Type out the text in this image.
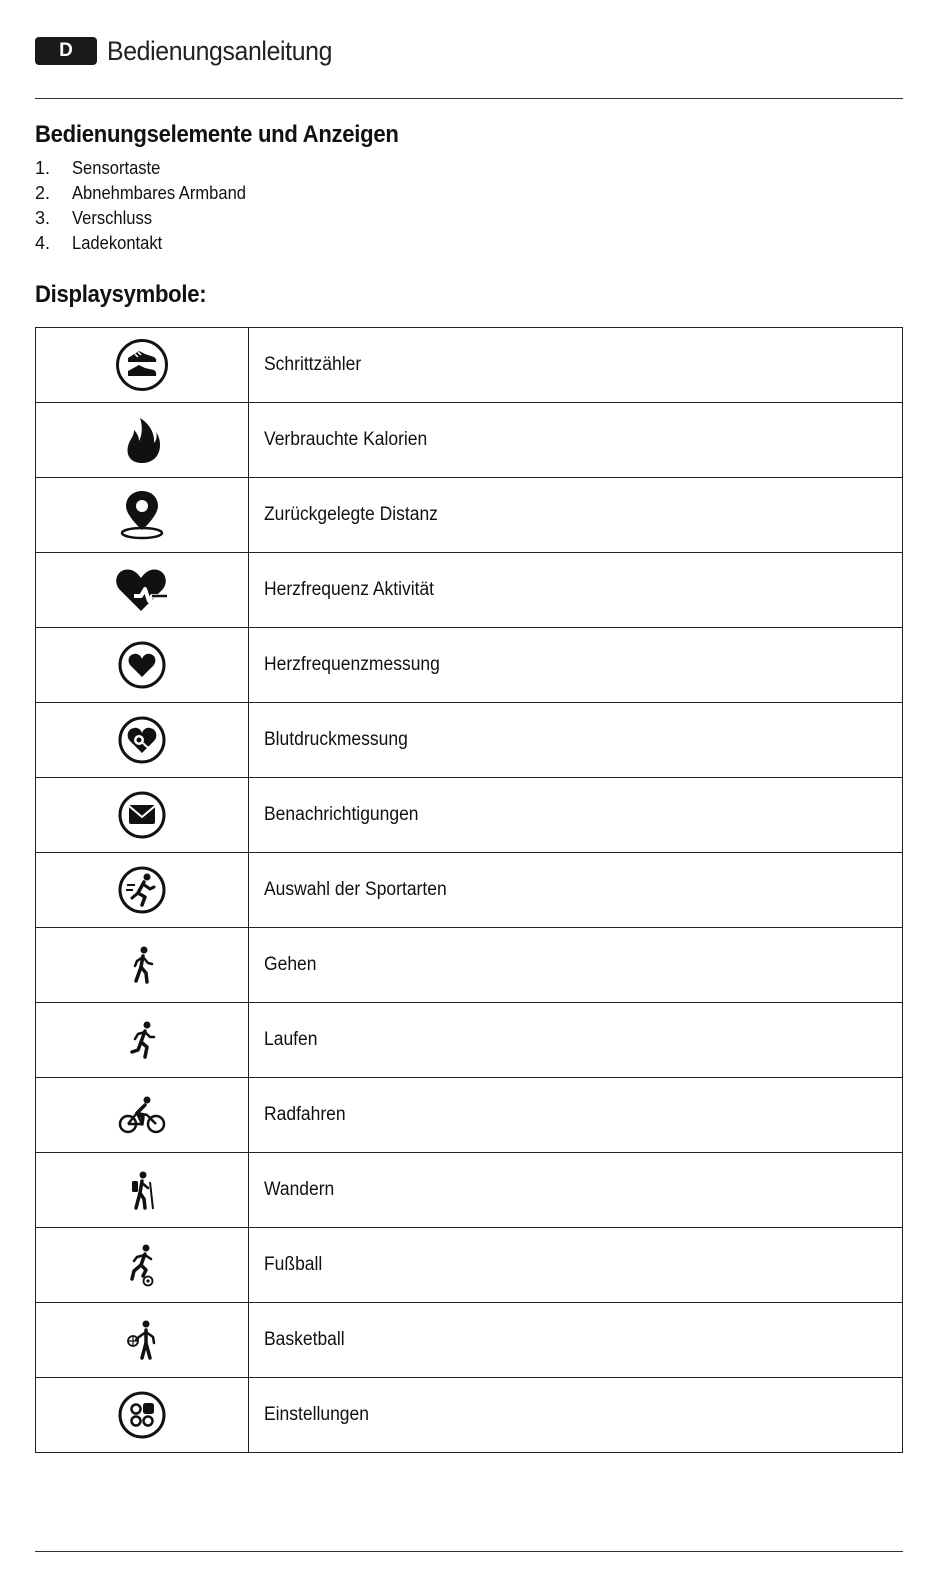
D	Bedienungsanleitung
Bedienungselemente und Anzeigen
1.	Sensortaste
2.	Abnehmbares Armband
3.	Verschluss
4.	Ladekontakt
Displaysymbole:
	Schrittzähler

	Verbrauchte Kalorien

	Zurückgelegte Distanz

	Herzfrequenz Aktivität

	Herzfrequenzmessung

	Blutdruckmessung

	Benachrichtigungen

	Auswahl der Sportarten

	Gehen

	Laufen

	Radfahren

	Wandern

	Fußball

	Basketball

	Einstellungen
